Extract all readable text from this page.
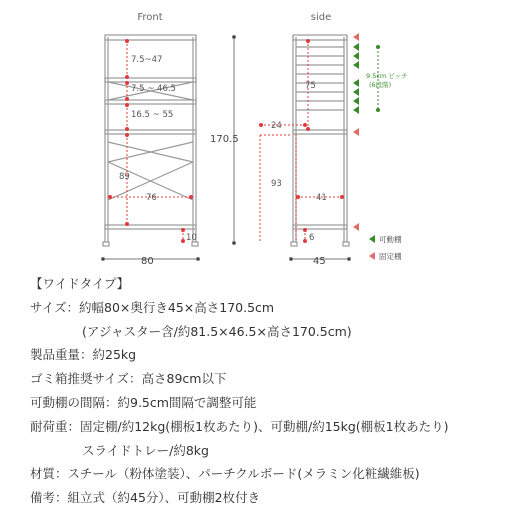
Front
7.5~47
7.5 ~ 46.5
16.5 ~ 55
89
76
10
170.5
80
side
75
24
93
41
6
9.5cm ピッチ
(6段階)
45
可動棚
固定棚
【ワイドタイプ】
サイズ：約幅80×奥行き45×高さ170.5cm
(アジャスター含/約81.5×46.5×高さ170.5cm)
製品重量：約25kg
ゴミ箱推奨サイズ：高さ89cm以下
可動棚の間隔：約9.5cm間隔で調整可能
耐荷重：固定棚/約12kg(棚板1枚あたり)、可動棚/約15kg(棚板1枚あたり)
スライドトレー/約8kg
材質：スチール（粉体塗装）、パーチクルボード(メラミン化粧繊維板)
備考：組立式（約45分）、可動棚2枚付き
